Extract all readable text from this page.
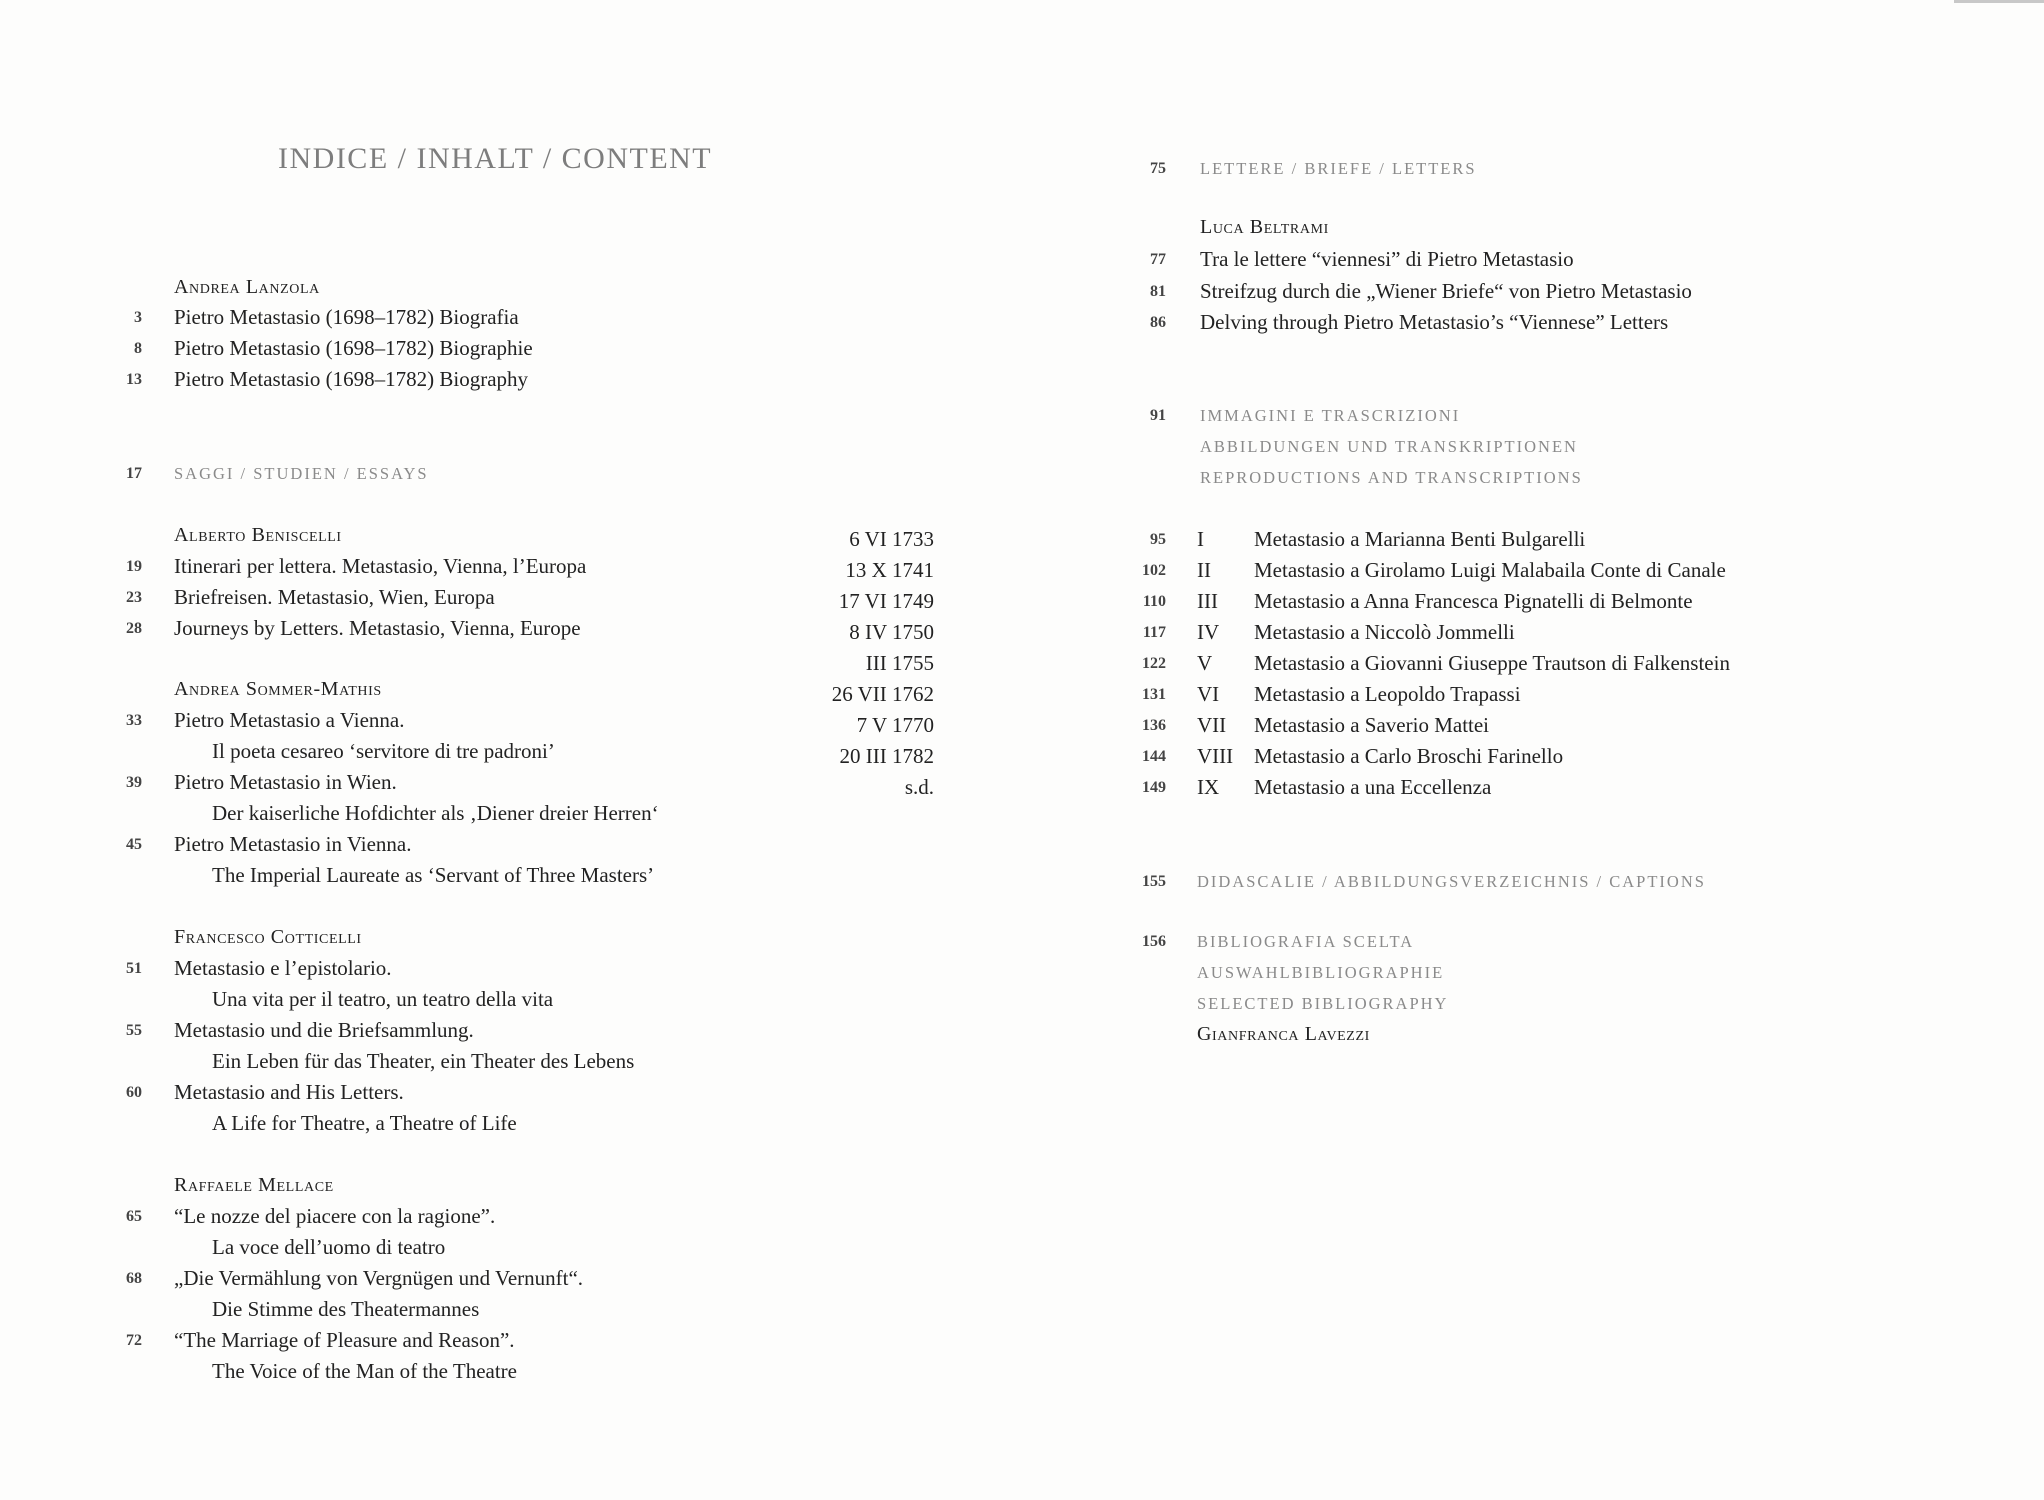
INDICE / INHALT / CONTENT
Andrea Lanzola
3 Pietro Metastasio (1698–1782) Biografia
8 Pietro Metastasio (1698–1782) Biographie
13 Pietro Metastasio (1698–1782) Biography
17 SAGGI / STUDIEN / ESSAYS
Alberto Beniscelli
19 Itinerari per lettera. Metastasio, Vienna, l’Europa
23 Briefreisen. Metastasio, Wien, Europa
28 Journeys by Letters. Metastasio, Vienna, Europe
Andrea Sommer-Mathis
33 Pietro Metastasio a Vienna.
Il poeta cesareo ‘servitore di tre padroni’
39 Pietro Metastasio in Wien.
Der kaiserliche Hofdichter als ‚Diener dreier Herren‘
45 Pietro Metastasio in Vienna.
The Imperial Laureate as ‘Servant of Three Masters’
Francesco Cotticelli
51 Metastasio e l’epistolario.
Una vita per il teatro, un teatro della vita
55 Metastasio und die Briefsammlung.
Ein Leben für das Theater, ein Theater des Lebens
60 Metastasio and His Letters.
A Life for Theatre, a Theatre of Life
Raffaele Mellace
65 “Le nozze del piacere con la ragione”.
La voce dell’uomo di teatro
68 „Die Vermählung von Vergnügen und Vernunft“.
Die Stimme des Theatermannes
72 “The Marriage of Pleasure and Reason”.
The Voice of the Man of the Theatre
75 LETTERE / BRIEFE / LETTERS
Luca Beltrami
77 Tra le lettere “viennesi” di Pietro Metastasio
81 Streifzug durch die „Wiener Briefe“ von Pietro Metastasio
86 Delving through Pietro Metastasio’s “Viennese” Letters
91 IMMAGINI E TRASCRIZIONI
ABBILDUNGEN UND TRANSKRIPTIONEN
REPRODUCTIONS AND TRANSCRIPTIONS
95 I Metastasio a Marianna Benti Bulgarelli
6 VI 1733
102 II Metastasio a Girolamo Luigi Malabaila Conte di Canale
13 X 1741
110 III Metastasio a Anna Francesca Pignatelli di Belmonte
17 VI 1749
117 IV Metastasio a Niccolò Jommelli
8 IV 1750
122 V Metastasio a Giovanni Giuseppe Trautson di Falkenstein
III 1755
131 VI Metastasio a Leopoldo Trapassi
26 VII 1762
136 VII Metastasio a Saverio Mattei
7 V 1770
144 VIII Metastasio a Carlo Broschi Farinello
20 III 1782
149 IX Metastasio a una Eccellenza
s.d.
155 DIDASCALIE / ABBILDUNGSVERZEICHNIS / CAPTIONS
156 BIBLIOGRAFIA SCELTA
AUSWAHLBIBLIOGRAPHIE
SELECTED BIBLIOGRAPHY
Gianfranca Lavezzi
